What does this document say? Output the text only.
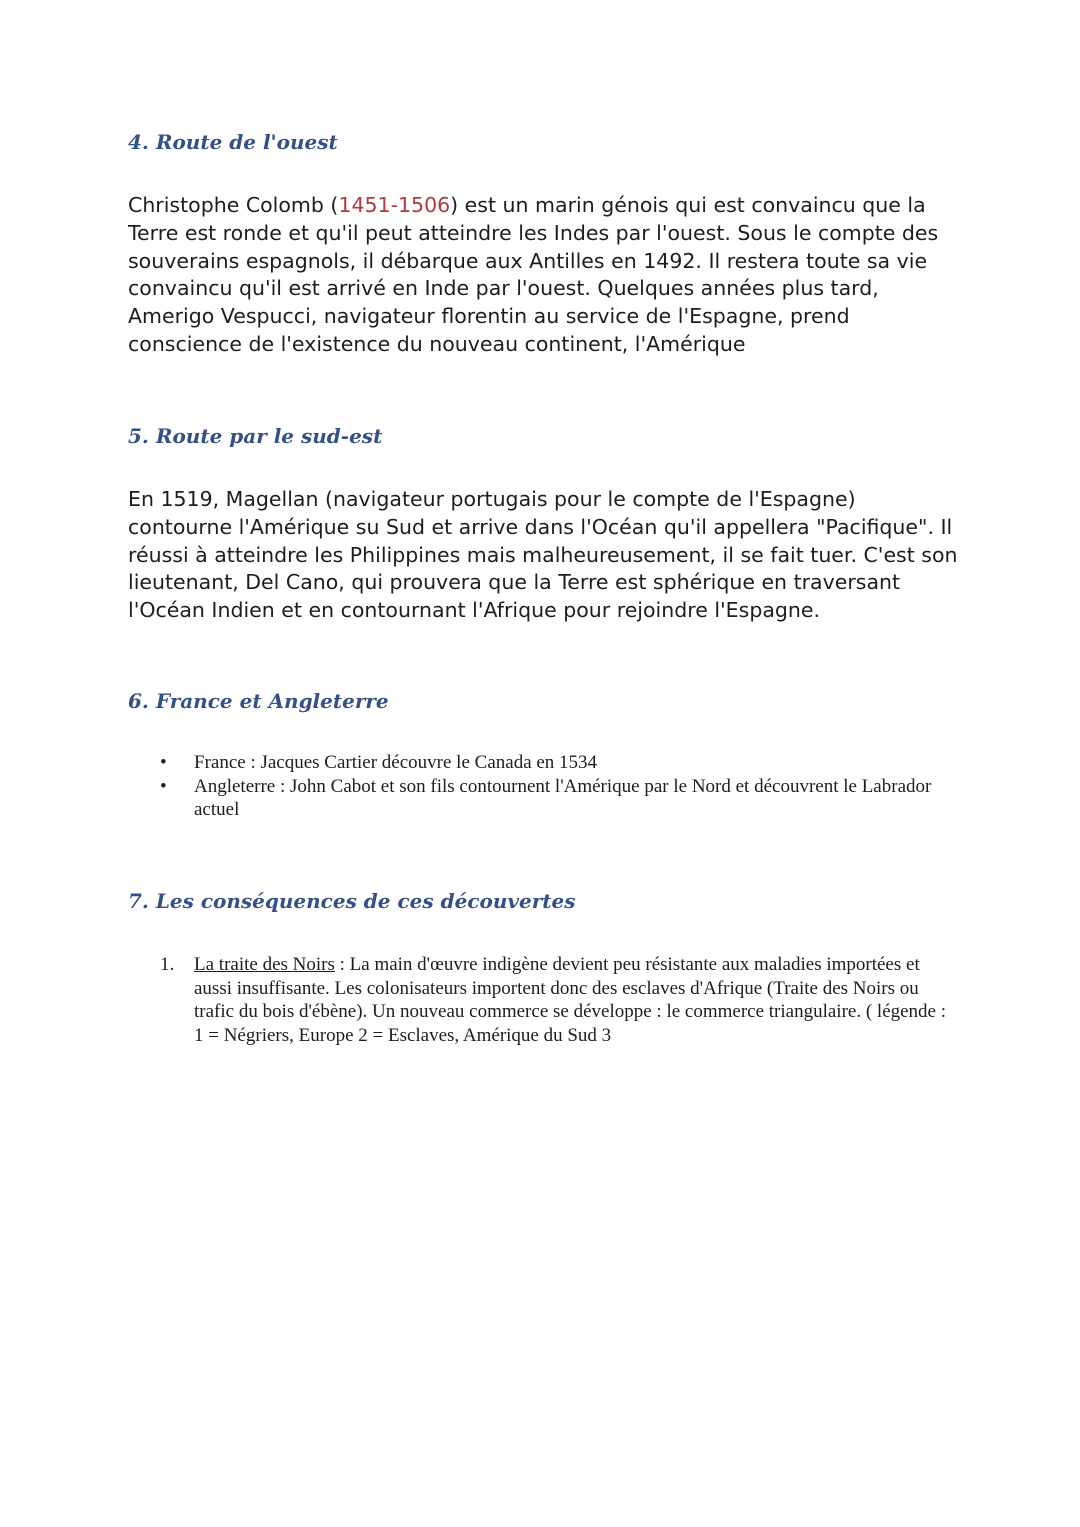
4. Route de l'ouest

Christophe Colomb (1451-1506) est un marin génois qui est convaincu que la Terre est ronde et qu'il peut atteindre les Indes par l'ouest. Sous le compte des souverains espagnols, il débarque aux Antilles en 1492. Il restera toute sa vie convaincu qu'il est arrivé en Inde par l'ouest. Quelques années plus tard, Amerigo Vespucci, navigateur florentin au service de l'Espagne, prend conscience de l'existence du nouveau continent, l'Amérique

5. Route par le sud-est

En 1519, Magellan (navigateur portugais pour le compte de l'Espagne) contourne l'Amérique su Sud et arrive dans l'Océan qu'il appellera "Pacifique". Il réussi à atteindre les Philippines mais malheureusement, il se fait tuer. C'est son lieutenant, Del Cano, qui prouvera que la Terre est sphérique en traversant l'Océan Indien et en contournant l'Afrique pour rejoindre l'Espagne.

6. France et Angleterre
• France : Jacques Cartier découvre le Canada en 1534
• Angleterre : John Cabot et son fils contournent l'Amérique par le Nord et découvrent le Labrador actuel
7. Les conséquences de ces découvertes
1. La traite des Noirs : La main d'œuvre indigène devient peu résistante aux maladies importées et aussi insuffisante. Les colonisateurs importent donc des esclaves d'Afrique (Traite des Noirs ou trafic du bois d'ébène). Un nouveau commerce se développe : le commerce triangulaire. ( légende : 1 = Négriers, Europe 2 = Esclaves, Amérique du Sud 3
